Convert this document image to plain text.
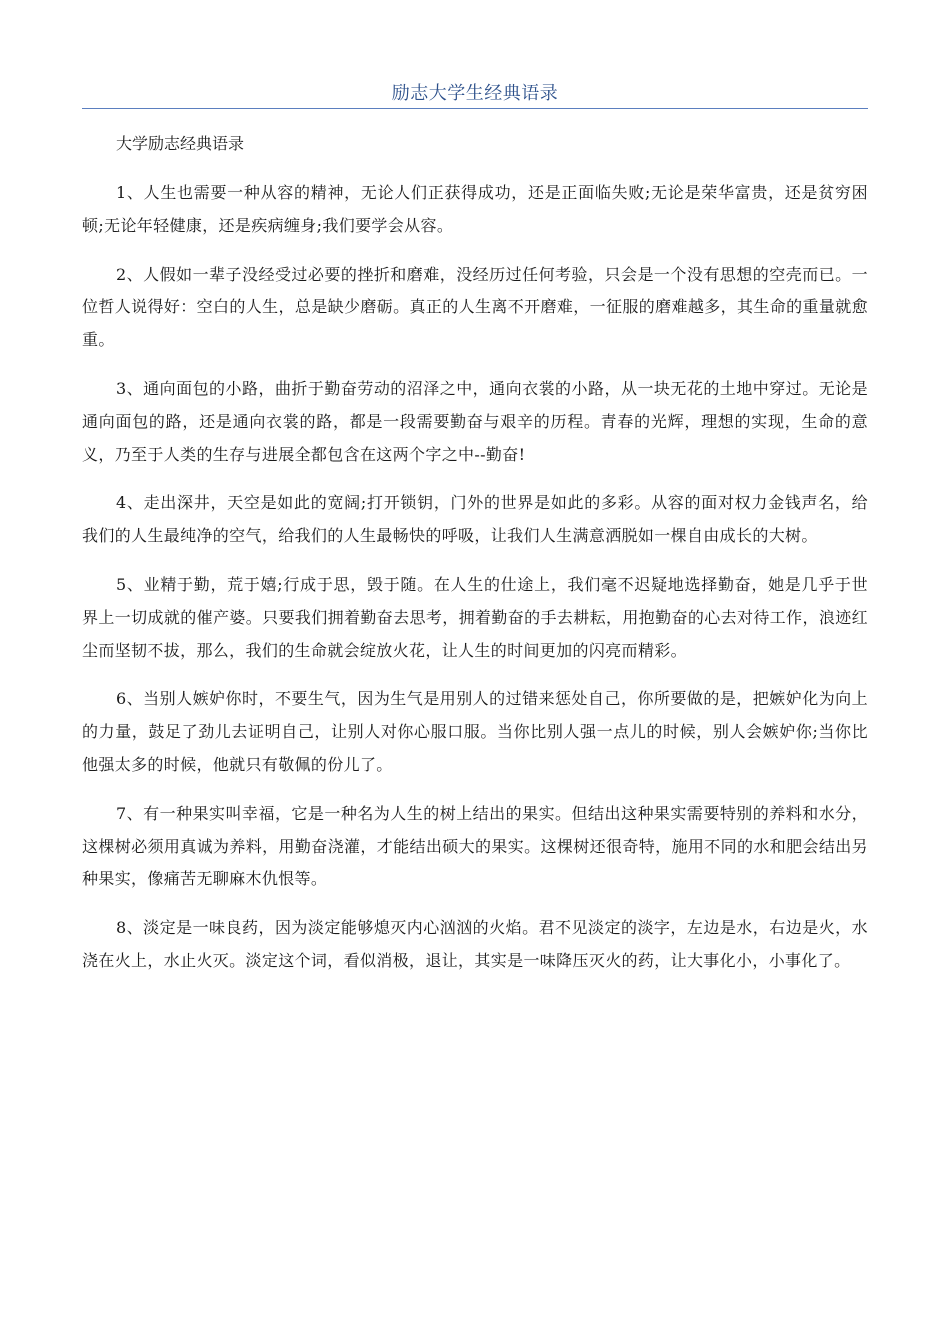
励志大学生经典语录

大学励志经典语录

1、人生也需要一种从容的精神，无论人们正获得成功，还是正面临失败;无论是荣华富贵，还是贫穷困顿;无论年轻健康，还是疾病缠身;我们要学会从容。

2、人假如一辈子没经受过必要的挫折和磨难，没经历过任何考验，只会是一个没有思想的空壳而已。一位哲人说得好：空白的人生，总是缺少磨砺。真正的人生离不开磨难，一征服的磨难越多，其生命的重量就愈重。

3、通向面包的小路，曲折于勤奋劳动的沼泽之中，通向衣裳的小路，从一块无花的土地中穿过。无论是通向面包的路，还是通向衣裳的路，都是一段需要勤奋与艰辛的历程。青春的光辉，理想的实现，生命的意义，乃至于人类的生存与进展全都包含在这两个字之中--勤奋!

4、走出深井，天空是如此的宽阔;打开锁钥，门外的世界是如此的多彩。从容的面对权力金钱声名，给我们的人生最纯净的空气，给我们的人生最畅快的呼吸，让我们人生满意洒脱如一棵自由成长的大树。

5、业精于勤，荒于嬉;行成于思，毁于随。在人生的仕途上，我们毫不迟疑地选择勤奋，她是几乎于世界上一切成就的催产婆。只要我们拥着勤奋去思考，拥着勤奋的手去耕耘，用抱勤奋的心去对待工作，浪迹红尘而坚韧不拔，那么，我们的生命就会绽放火花，让人生的时间更加的闪亮而精彩。

6、当别人嫉妒你时，不要生气，因为生气是用别人的过错来惩处自己，你所要做的是，把嫉妒化为向上的力量，鼓足了劲儿去证明自己，让别人对你心服口服。当你比别人强一点儿的时候，别人会嫉妒你;当你比他强太多的时候，他就只有敬佩的份儿了。

7、有一种果实叫幸福，它是一种名为人生的树上结出的果实。但结出这种果实需要特别的养料和水分，这棵树必须用真诚为养料，用勤奋浇灌，才能结出硕大的果实。这棵树还很奇特，施用不同的水和肥会结出另种果实，像痛苦无聊麻木仇恨等。

8、淡定是一味良药，因为淡定能够熄灭内心汹汹的火焰。君不见淡定的淡字，左边是水，右边是火，水浇在火上，水止火灭。淡定这个词，看似消极，退让，其实是一味降压灭火的药，让大事化小，小事化了。
